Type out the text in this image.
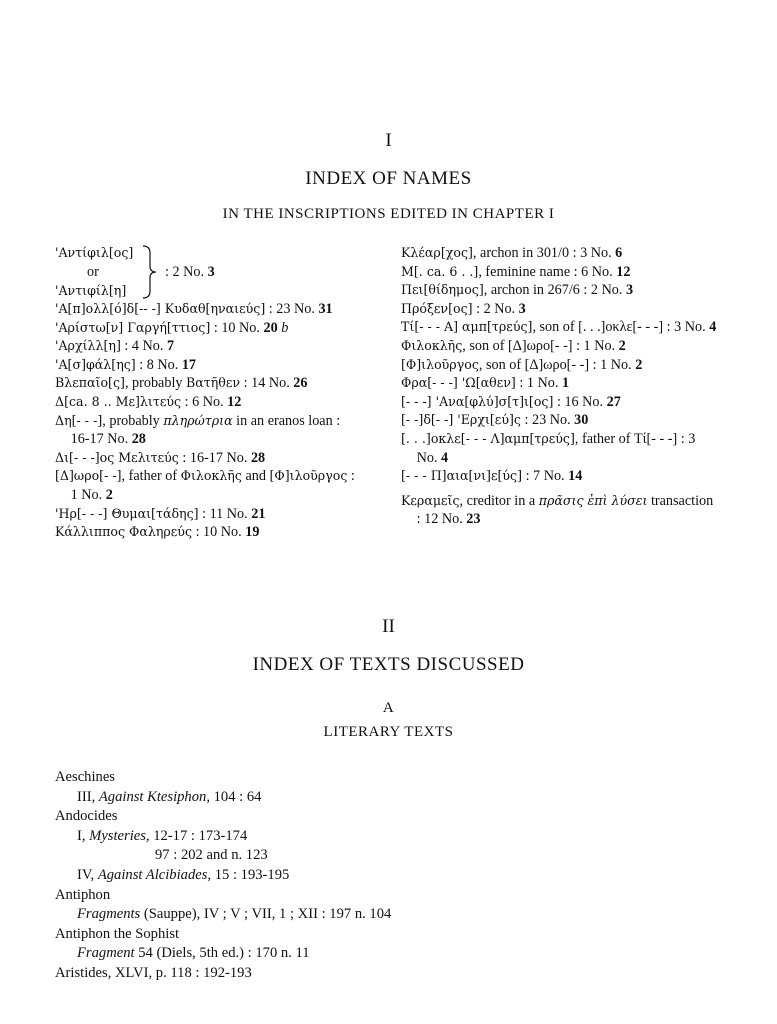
I
INDEX OF NAMES
IN THE INSCRIPTIONS EDITED IN CHAPTER I
'Αντίφιλ[ος]
or
'Αντιφίλ[η]
: 2 No. 3
'Α[π]ολλ[ό]δ[-- -] Κυδαθ[ηναιεύς] : 23 No. 31
'Αρίστω[ν] Γαργή[ττιος] : 10 No. 20 b
'Αρχίλλ[η] : 4 No. 7
'Α[σ]φάλ[ης] : 8 No. 17
Βλεπαῖο[ς], probably Βατῆθεν : 14 No. 26
Δ[ca. 8 .. Με]λιτεύς : 6 No. 12
Δη[- - -], probably πληρώτρια in an eranos loan : 16-17 No. 28
Δι[- - -]ος Μελιτεύς : 16-17 No. 28
[Δ]ωρο[- -], father of Φιλοκλῆς and [Φ]ιλοῦργος : 1 No. 2
'Ηρ[- - -] Θυμαι[τάδης] : 11 No. 21
Κάλλιππος Φαληρεύς : 10 No. 19
Κλέαρ[χος], archon in 301/0 : 3 No. 6
Μ[. ca. 6 . .], feminine name : 6 No. 12
Πει[θίδημος], archon in 267/6 : 2 No. 3
Πρόξεν[ος] : 2 No. 3
Τί[- - - Α] αμπ[τρεύς], son of [. . .]οκλε[- - -] : 3 No. 4
Φιλοκλῆς, son of [Δ]ωρο[- -] : 1 No. 2
[Φ]ιλοῦργος, son of [Δ]ωρο[- -] : 1 No. 2
Φρα[- - -] 'Ω[αθεν] : 1 No. 1
[- - -] 'Ανα[φλύ]σ[τ]ι[ος] : 16 No. 27
[- -]δ[- -] 'Ερχι[εύ]ς : 23 No. 30
[. . .]οκλε[- - - Λ]αμπ[τρεύς], father of Τί[- - -] : 3 No. 4
[- - - Π]αια[νι]ε[ύς] : 7 No. 14
Κεραμεῖς, creditor in a πρᾶσις ἐπὶ λύσει transaction : 12 No. 23
II
INDEX OF TEXTS DISCUSSED
A
LITERARY TEXTS
Aeschines
III, Against Ktesiphon, 104 : 64
Andocides
I, Mysteries, 12-17 : 173-174
97 : 202 and n. 123
IV, Against Alcibiades, 15 : 193-195
Antiphon
Fragments (Sauppe), IV ; V ; VII, 1 ; XII : 197 n. 104
Antiphon the Sophist
Fragment 54 (Diels, 5th ed.) : 170 n. 11
Aristides, XLVI, p. 118 : 192-193
